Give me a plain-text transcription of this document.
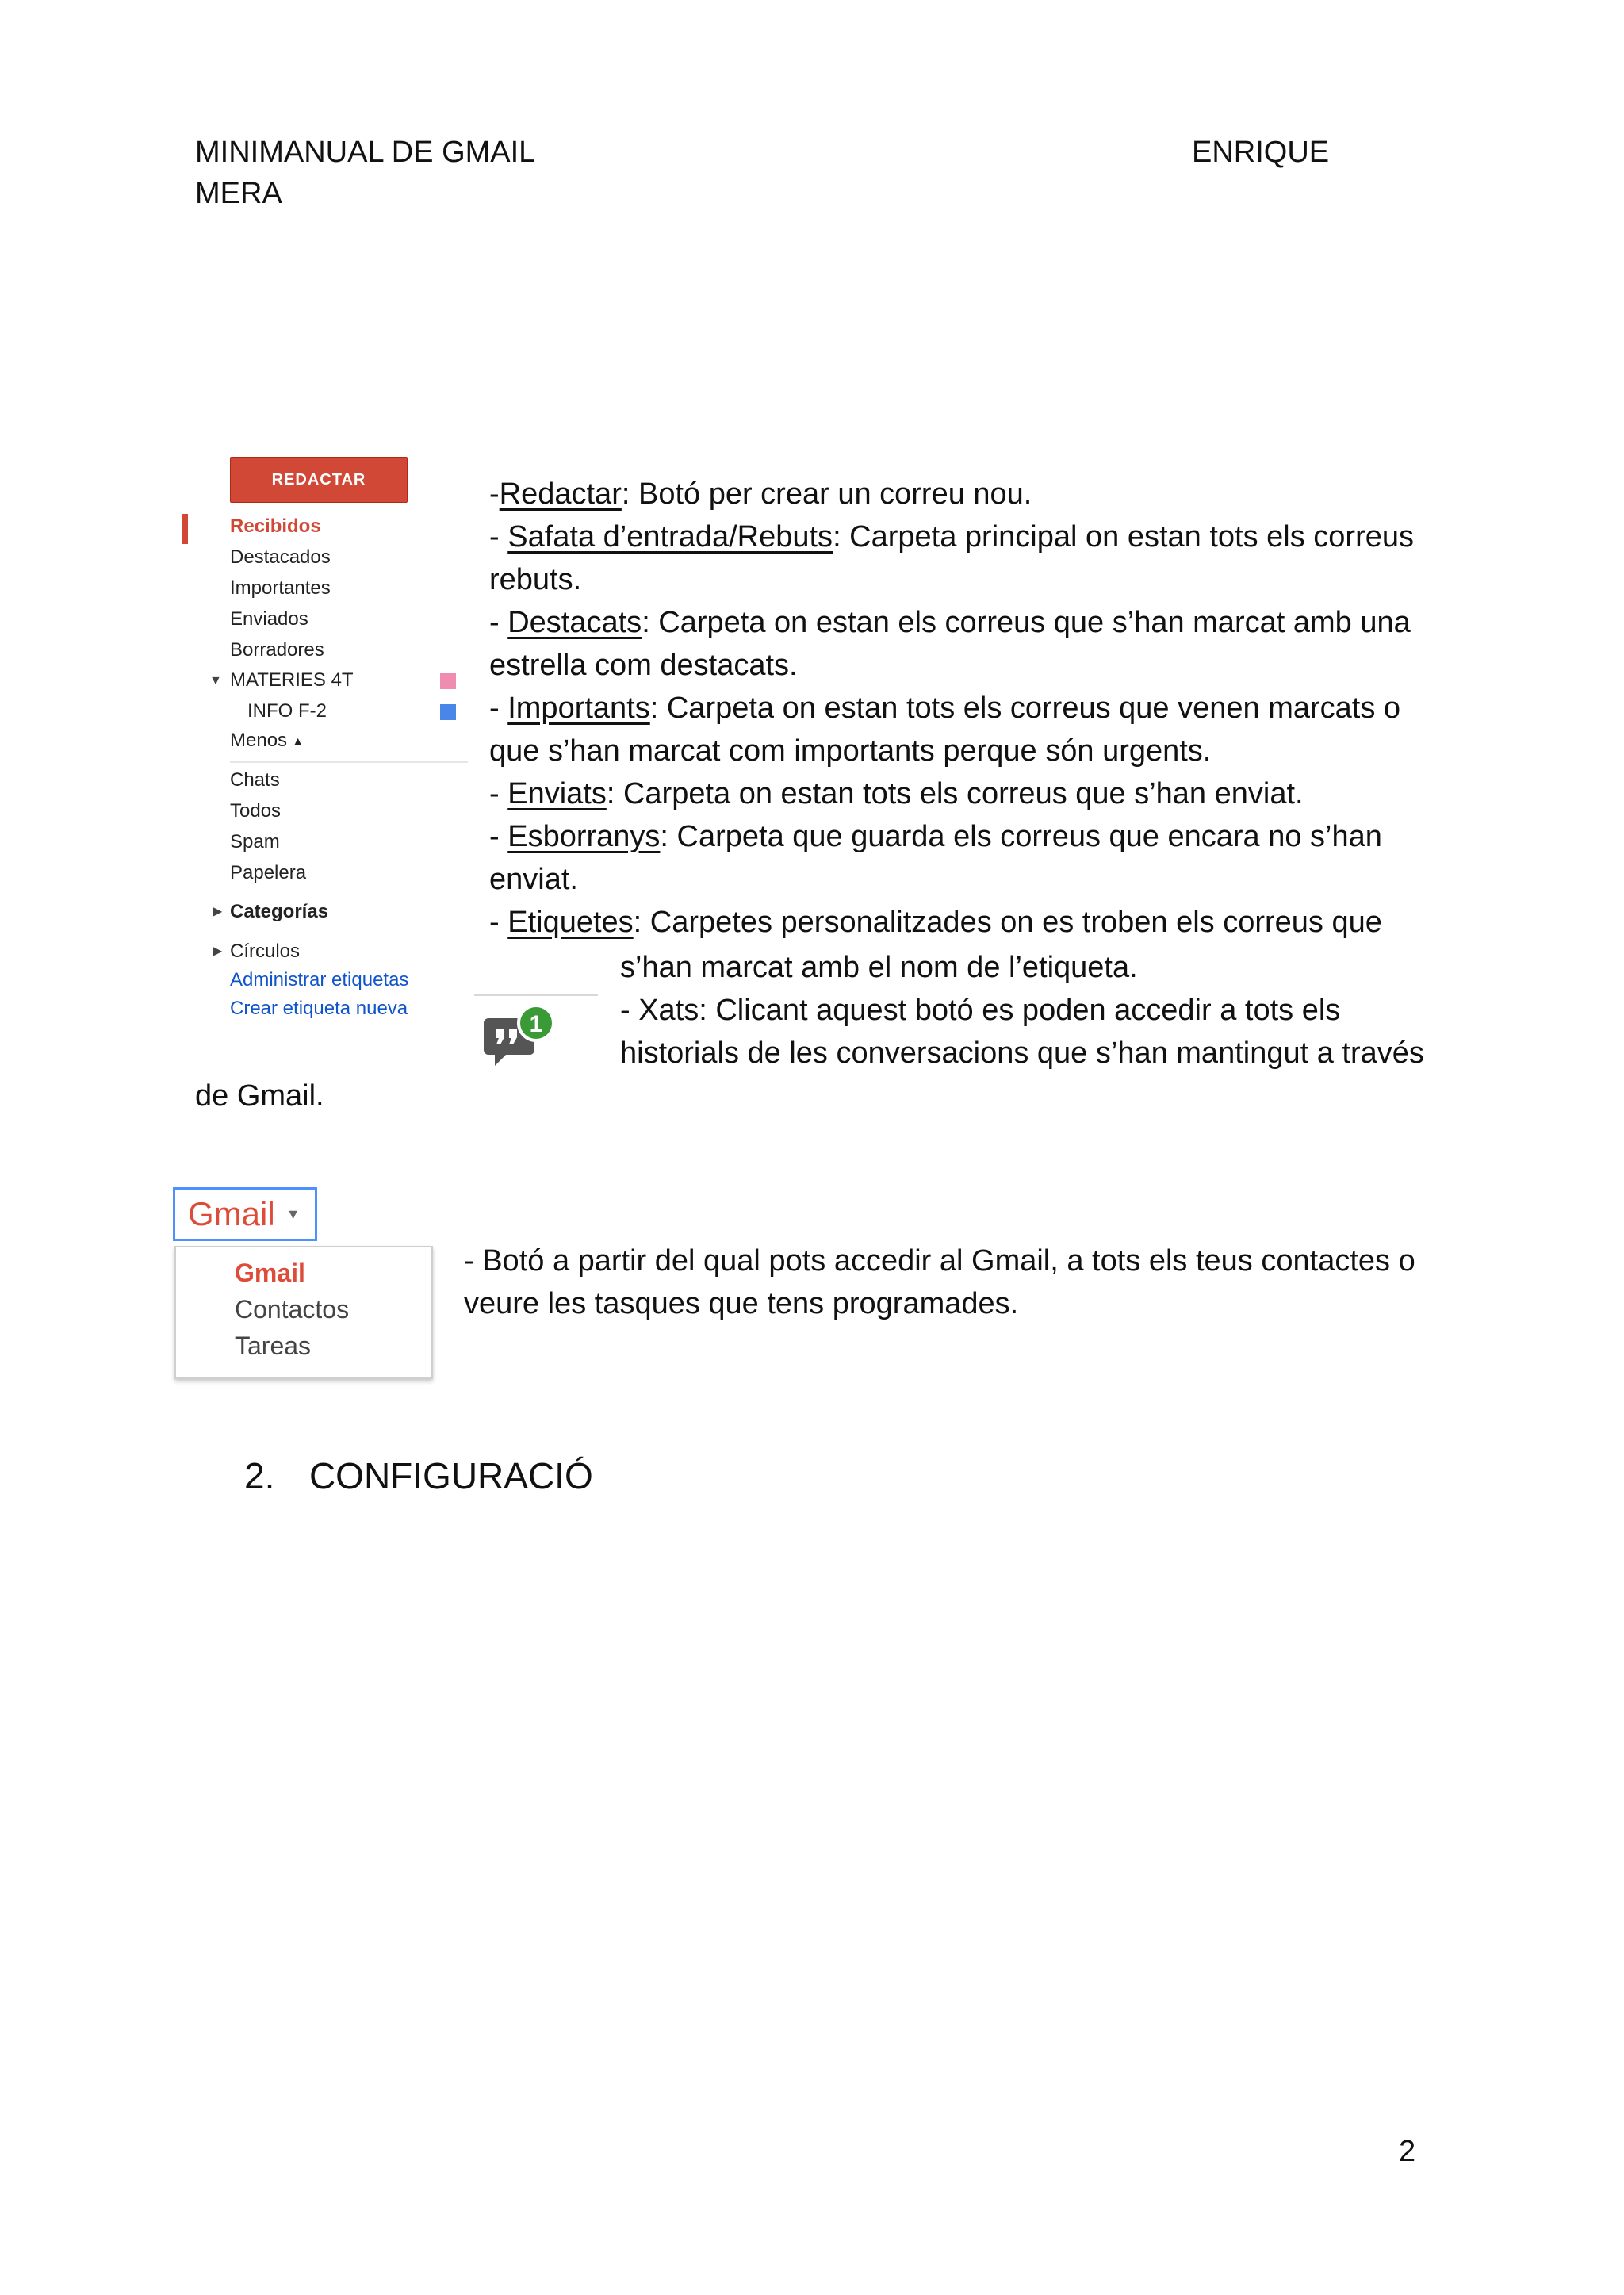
MINIMANUAL DE GMAIL	ENRIQUE
MERA
REDACTAR
Recibidos
Destacados
Importantes
Enviados
Borradores
▼ MATERIES 4T
INFO F-2
Menos ▲
Chats
Todos
Spam
Papelera
▶ Categorías
▶ Círculos
Administrar etiquetas
Crear etiqueta nueva
-Redactar: Botó per crear un correu nou.
- Safata d’entrada/Rebuts: Carpeta principal on estan tots els correus
rebuts.
- Destacats: Carpeta on estan els correus que s’han marcat amb una
estrella com destacats.
- Importants: Carpeta on estan tots els correus que venen marcats o
que s’han marcat com importants perque són urgents.
- Enviats: Carpeta on estan tots els correus que s’han enviat.
- Esborranys: Carpeta que guarda els correus que encara no s’han
enviat.
- Etiquetes: Carpetes personalitzades on es troben els correus que
s’han marcat amb el nom de l’etiqueta.
1	- Xats: Clicant aquest botó es poden accedir a tots els
historials de les conversacions que s’han mantingut a través
de Gmail.
Gmail ▼
Gmail
Contactos
Tareas
- Botó a partir del qual pots accedir al Gmail, a tots els teus contactes o
veure les tasques que tens programades.
2. CONFIGURACIÓ
2
